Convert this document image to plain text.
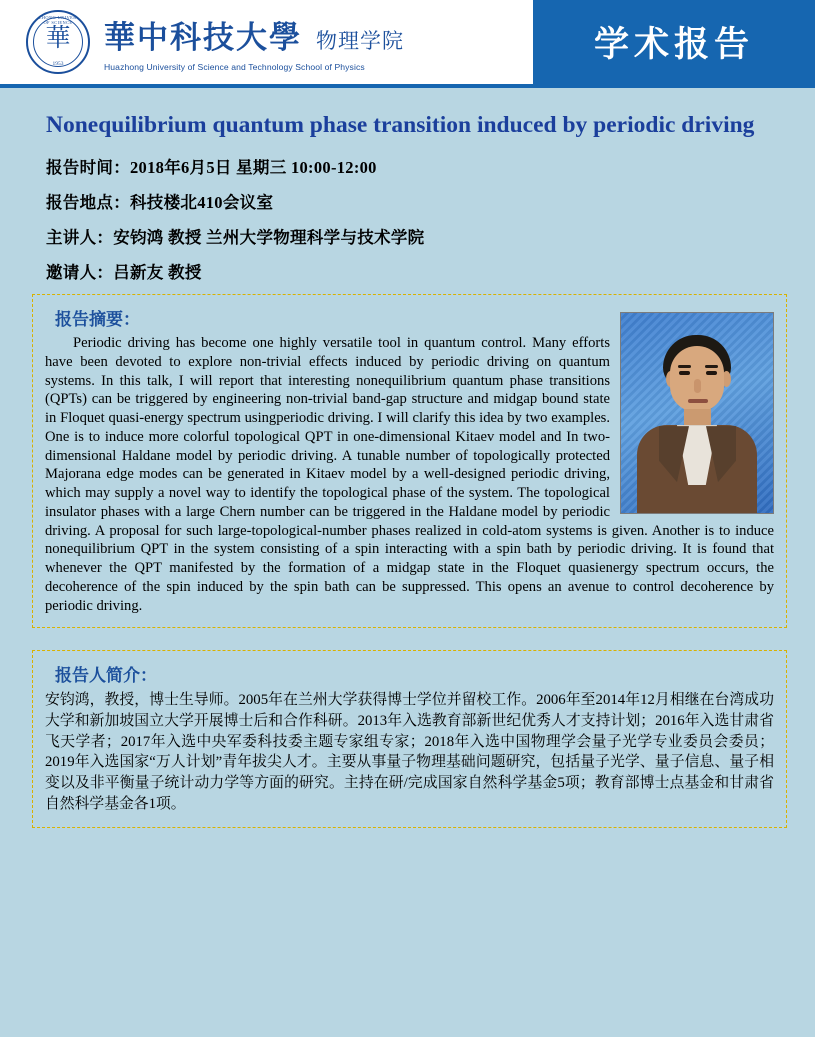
HUAZHONG UNIVERSITY OF SCIENCE
華
1953
華中科技大學 物理学院
Huazhong University of Science and Technology School of Physics
学术报告
Nonequilibrium quantum phase transition induced by periodic driving
报告时间：2018年6月5日 星期三 10:00-12:00
报告地点：科技楼北410会议室
主讲人：安钧鸿 教授 兰州大学物理科学与技术学院
邀请人：吕新友 教授
报告摘要：

Periodic driving has become one highly versatile tool in quantum control. Many efforts have been devoted to explore non-trivial effects induced by periodic driving on quantum systems. In this talk, I will report that interesting nonequilibrium quantum phase transitions (QPTs) can be triggered by engineering non-trivial band-gap structure and midgap bound state in Floquet quasi-energy spectrum usingperiodic driving. I will clarify this idea by two examples. One is to induce more colorful topological QPT in one-dimensional Kitaev model and In two-dimensional Haldane model by periodic driving. A tunable number of topologically protected Majorana edge modes can be generated in Kitaev model by a well-designed periodic driving, which may supply a novel way to identify the topological phase of the system. The topological insulator phases with a large Chern number can be triggered in the Haldane model by periodic driving. A proposal for such large-topological-number phases realized in cold-atom systems is given. Another is to induce nonequilibrium QPT in the system consisting of a spin interacting with a spin bath by periodic driving. It is found that whenever the QPT manifested by the formation of a midgap state in the Floquet quasienergy spectrum occurs, the decoherence of the spin induced by the spin bath can be suppressed. This opens an avenue to control decoherence by periodic driving.

报告人简介：
安钧鸿，教授，博士生导师。2005年在兰州大学获得博士学位并留校工作。2006年至2014年12月相继在台湾成功大学和新加坡国立大学开展博士后和合作科研。2013年入选教育部新世纪优秀人才支持计划；2016年入选甘肃省飞天学者；2017年入选中央军委科技委主题专家组专家；2018年入选中国物理学会量子光学专业委员会委员；2019年入选国家“万人计划”青年拔尖人才。主要从事量子物理基础问题研究，包括量子光学、量子信息、量子相变以及非平衡量子统计动力学等方面的研究。主持在研/完成国家自然科学基金5项；教育部博士点基金和甘肃省自然科学基金各1项。
